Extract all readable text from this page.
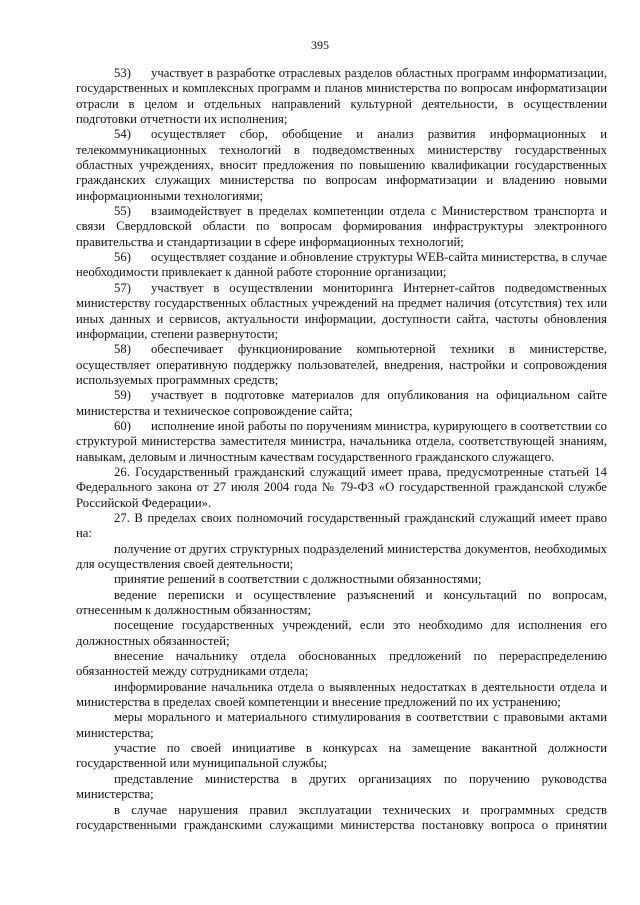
395

53) участвует в разработке отраслевых разделов областных программ информатизации, государственных и комплексных программ и планов министерства по вопросам информатизации отрасли в целом и отдельных направлений культурной деятельности, в осуществлении подготовки отчетности их исполнения;

54) осуществляет сбор, обобщение и анализ развития информационных и телекоммуникационных технологий в подведомственных министерству государственных областных учреждениях, вносит предложения по повышению квалификации государственных гражданских служащих министерства по вопросам информатизации и владению новыми информационными технологиями;

55) взаимодействует в пределах компетенции отдела с Министерством транспорта и связи Свердловской области по вопросам формирования инфраструктуры электронного правительства и стандартизации в сфере информационных технологий;

56) осуществляет создание и обновление структуры WEB-сайта министерства, в случае необходимости привлекает к данной работе сторонние организации;

57) участвует в осуществлении мониторинга Интернет-сайтов подведомственных министерству государственных областных учреждений на предмет наличия (отсутствия) тех или иных данных и сервисов, актуальности информации, доступности сайта, частоты обновления информации, степени развернутости;

58) обеспечивает функционирование компьютерной техники в министерстве, осуществляет оперативную поддержку пользователей, внедрения, настройки и сопровождения используемых программных средств;

59) участвует в подготовке материалов для опубликования на официальном сайте министерства и техническое сопровождение сайта;

60) исполнение иной работы по поручениям министра, курирующего в соответствии со структурой министерства заместителя министра, начальника отдела, соответствующей знаниям, навыкам, деловым и личностным качествам государственного гражданского служащего.

26. Государственный гражданский служащий имеет права, предусмотренные статьей 14 Федерального закона от 27 июля 2004 года № 79-ФЗ «О государственной гражданской службе Российской Федерации».

27. В пределах своих полномочий государственный гражданский служащий имеет право на:

получение от других структурных подразделений министерства документов, необходимых для осуществления своей деятельности;

принятие решений в соответствии с должностными обязанностями;

ведение переписки и осуществление разъяснений и консультаций по вопросам, отнесенным к должностным обязанностям;

посещение государственных учреждений, если это необходимо для исполнения его должностных обязанностей;

внесение начальнику отдела обоснованных предложений по перераспределению обязанностей между сотрудниками отдела;

информирование начальника отдела о выявленных недостатках в деятельности отдела и министерства в пределах своей компетенции и внесение предложений по их устранению;

меры морального и материального стимулирования в соответствии с правовыми актами министерства;

участие по своей инициативе в конкурсах на замещение вакантной должности государственной или муниципальной службы;

представление министерства в других организациях по поручению руководства министерства;

в случае нарушения правил эксплуатации технических и программных средств государственными гражданскими служащими министерства постановку вопроса о принятии
